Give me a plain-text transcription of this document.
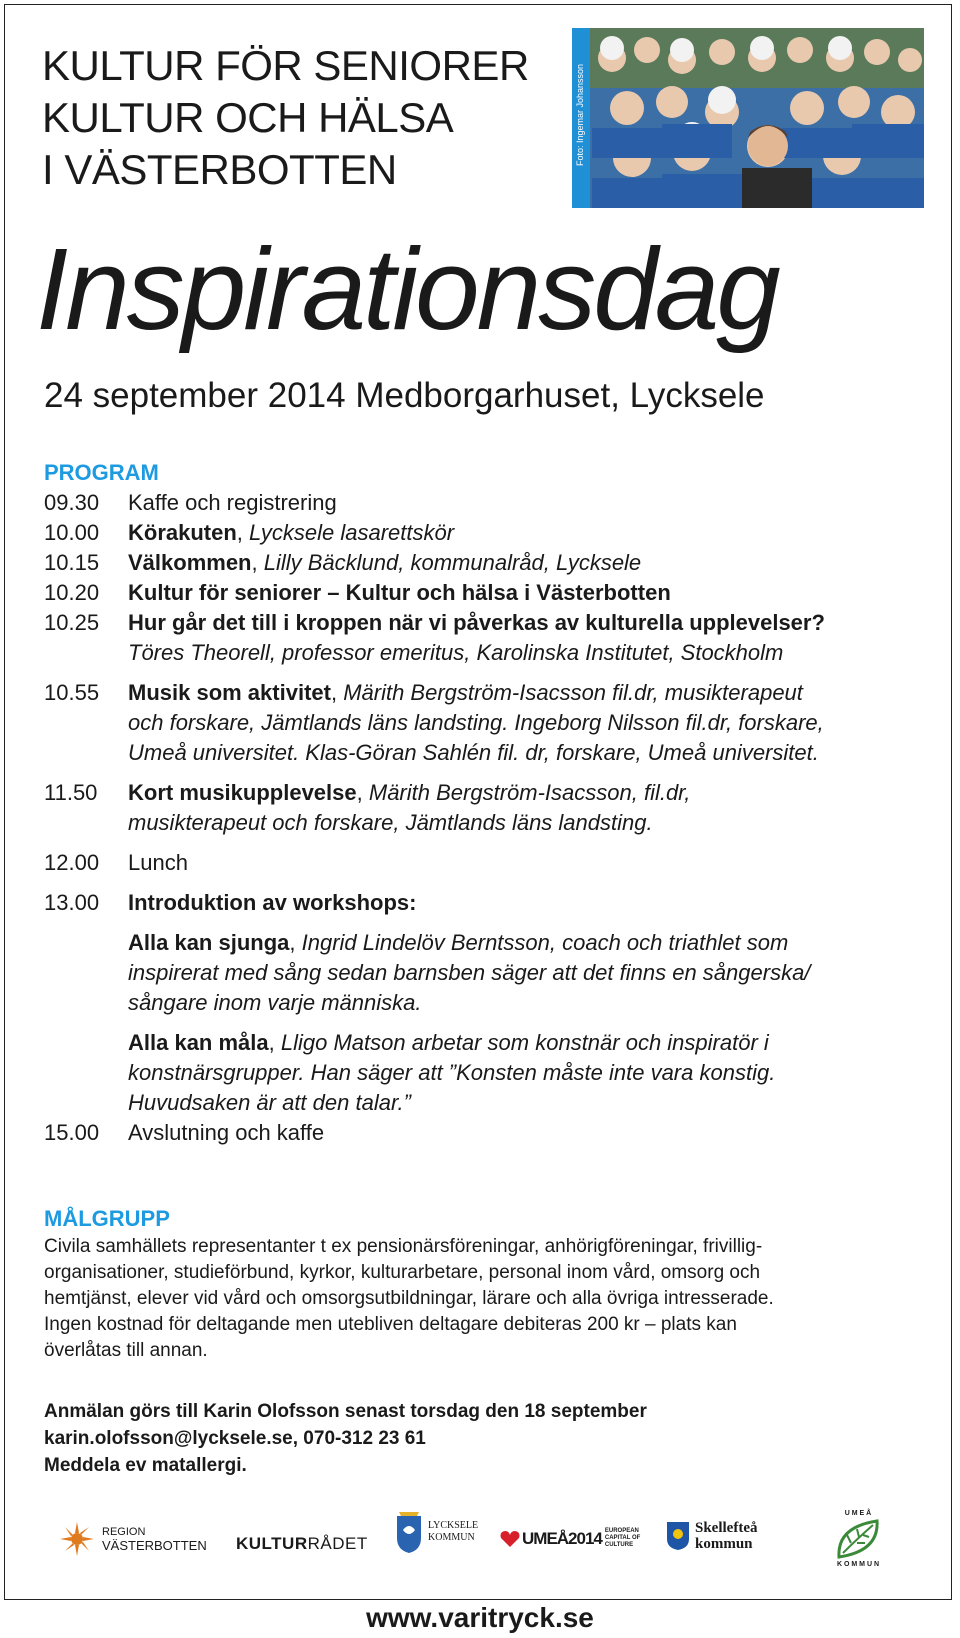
KULTUR FÖR SENIORER
KULTUR OCH HÄLSA
I VÄSTERBOTTEN
Foto: Ingemar Johansson
Inspirationsdag
24 september 2014 Medborgarhuset, Lycksele
PROGRAM
09.30	Kaffe och registrering
10.00	Körakuten, Lycksele lasarettskör
10.15	Välkommen, Lilly Bäcklund, kommunalråd, Lycksele
10.20	Kultur för seniorer – Kultur och hälsa i Västerbotten
10.25	Hur går det till i kroppen när vi påverkas av kulturella upplevelser?
Töres Theorell, professor emeritus, Karolinska Institutet, Stockholm
10.55	Musik som aktivitet, Märith Bergström-Isacsson fil.dr, musikterapeut
och forskare, Jämtlands läns landsting. Ingeborg Nilsson fil.dr, forskare,
Umeå universitet. Klas-Göran Sahlén fil. dr, forskare, Umeå universitet.
11.50	Kort musikupplevelse, Märith Bergström-Isacsson, fil.dr,
musikterapeut och forskare, Jämtlands läns landsting.
12.00	Lunch
13.00	Introduktion av workshops:
Alla kan sjunga, Ingrid Lindelöv Berntsson, coach och triathlet som
inspirerat med sång sedan barnsben säger att det finns en sångerska/
sångare inom varje människa.
Alla kan måla, Lligo Matson arbetar som konstnär och inspiratör i
konstnärsgrupper. Han säger att ”Konsten måste inte vara konstig.
Huvudsaken är att den talar.”
15.00	Avslutning och kaffe
MÅLGRUPP
Civila samhällets representanter t ex pensionärsföreningar, anhörigföreningar, frivillig-
organisationer, studieförbund, kyrkor, kulturarbetare, personal inom vård, omsorg och
hemtjänst, elever vid vård och omsorgsutbildningar, lärare och alla övriga intresserade.
Ingen kostnad för deltagande men utebliven deltagare debiteras 200 kr – plats kan
överlåtas till annan.
Anmälan görs till Karin Olofsson senast torsdag den 18 september
karin.olofsson@lycksele.se, 070-312 23 61
Meddela ev matallergi.
REGION
VÄSTERBOTTEN KULTUR RÅDET
LYCKSELE
KOMMUN	UMEÅ2014 EUROPEAN CAPITAL OF CULTURE
Skellefteå
kommun
U M E Å
K O M M U N
www.varitryck.se
